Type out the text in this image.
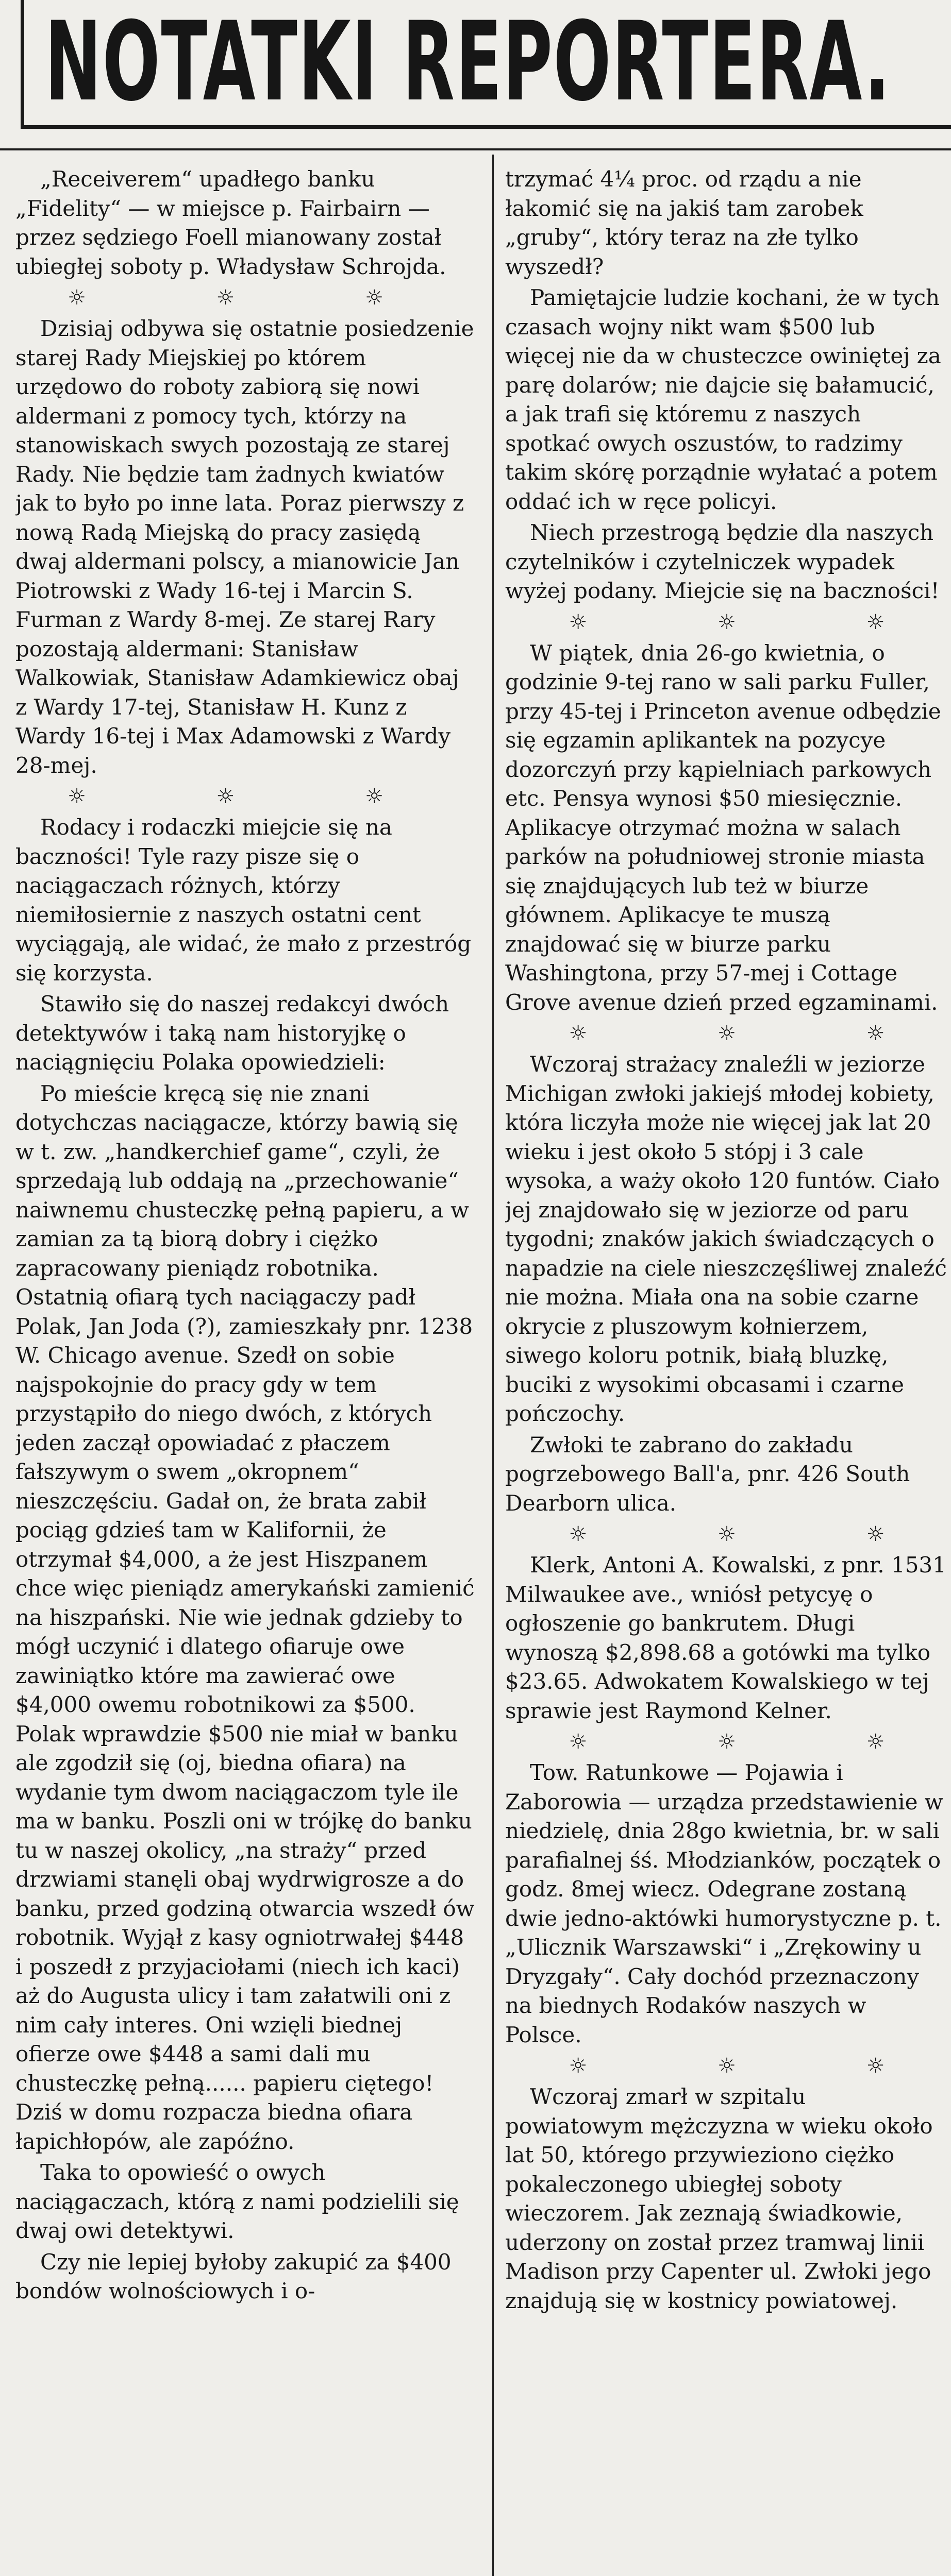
NOTATKI REPORTERA.

„Receiverem“ upadłego banku „Fidelity“ — w miejsce p. Fairbairn — przez sędziego Foell mianowany został ubiegłej soboty p. Władysław Schrojda.

☼ ☼ ☼

Dzisiaj odbywa się ostatnie posiedzenie starej Rady Miejskiej po którem urzędowo do roboty zabiorą się nowi aldermani z pomocy tych, którzy na stanowiskach swych pozostają ze starej Rady. Nie będzie tam żadnych kwiatów jak to było po inne lata. Poraz pierwszy z nową Radą Miejską do pracy zasiędą dwaj aldermani polscy, a mianowicie Jan Piotrowski z Wady 16-tej i Marcin S. Furman z Wardy 8-mej. Ze starej Rary pozostają aldermani: Stanisław Walkowiak, Stanisław Adamkiewicz obaj z Wardy 17-tej, Stanisław H. Kunz z Wardy 16-tej i Max Adamowski z Wardy 28-mej.

☼ ☼ ☼

Rodacy i rodaczki miejcie się na baczności! Tyle razy pisze się o naciągaczach różnych, którzy niemiłosiernie z naszych ostatni cent wyciągają, ale widać, że mało z przestróg się korzysta.

Stawiło się do naszej redakcyi dwóch detektywów i taką nam historyjkę o naciągnięciu Polaka opowiedzieli:

Po mieście kręcą się nie znani dotychczas naciągacze, którzy bawią się w t. zw. „handkerchief game“, czyli, że sprzedają lub oddają na „przechowanie“ naiwnemu chusteczkę pełną papieru, a w zamian za tą biorą dobry i ciężko zapracowany pieniądz robotnika. Ostatnią ofiarą tych naciągaczy padł Polak, Jan Joda (?), zamieszkały pnr. 1238 W. Chicago avenue. Szedł on sobie najspokojnie do pracy gdy w tem przystąpiło do niego dwóch, z których jeden zaczął opowiadać z płaczem fałszywym o swem „okropnem“ nieszczęściu. Gadał on, że brata zabił pociąg gdzieś tam w Kalifornii, że otrzymał $4,000, a że jest Hiszpanem chce więc pieniądz amerykański zamienić na hiszpański. Nie wie jednak gdzieby to mógł uczynić i dlatego ofiaruje owe zawiniątko które ma zawierać owe $4,000 owemu robotnikowi za $500. Polak wprawdzie $500 nie miał w banku ale zgodził się (oj, biedna ofiara) na wydanie tym dwom naciągaczom tyle ile ma w banku. Poszli oni w trójkę do banku tu w naszej okolicy, „na straży“ przed drzwiami stanęli obaj wydrwigrosze a do banku, przed godziną otwarcia wszedł ów robotnik. Wyjął z kasy ogniotrwałej $448 i poszedł z przyjaciołami (niech ich kaci) aż do Augusta ulicy i tam załatwili oni z nim cały interes. Oni wzięli biednej ofierze owe $448 a sami dali mu chusteczkę pełną...... papieru ciętego! Dziś w domu rozpacza biedna ofiara łapichłopów, ale zapóźno.

Taka to opowieść o owych naciągaczach, którą z nami podzielili się dwaj owi detektywi.

Czy nie lepiej byłoby zakupić za $400 bondów wolnościowych i o-

trzymać 4¼ proc. od rządu a nie łakomić się na jakiś tam zarobek „gruby“, który teraz na złe tylko wyszedł?

Pamiętajcie ludzie kochani, że w tych czasach wojny nikt wam $500 lub więcej nie da w chusteczce owiniętej za parę dolarów; nie dajcie się bałamucić, a jak trafi się któremu z naszych spotkać owych oszustów, to radzimy takim skórę porządnie wyłatać a potem oddać ich w ręce policyi.

Niech przestrogą będzie dla naszych czytelników i czytelniczek wypadek wyżej podany. Miejcie się na baczności!

☼ ☼ ☼

W piątek, dnia 26-go kwietnia, o godzinie 9-tej rano w sali parku Fuller, przy 45-tej i Princeton avenue odbędzie się egzamin aplikantek na pozycye dozorczyń przy kąpielniach parkowych etc. Pensya wynosi $50 miesięcznie. Aplikacye otrzymać można w salach parków na południowej stronie miasta się znajdujących lub też w biurze głównem. Aplikacye te muszą znajdować się w biurze parku Washingtona, przy 57-mej i Cottage Grove avenue dzień przed egzaminami.

☼ ☼ ☼

Wczoraj strażacy znaleźli w jeziorze Michigan zwłoki jakiejś młodej kobiety, która liczyła może nie więcej jak lat 20 wieku i jest około 5 stópj i 3 cale wysoka, a waży około 120 funtów. Ciało jej znajdowało się w jeziorze od paru tygodni; znaków jakich świadczących o napadzie na ciele nieszczęśliwej znaleźć nie można. Miała ona na sobie czarne okrycie z pluszowym kołnierzem, siwego koloru potnik, białą bluzkę, buciki z wysokimi obcasami i czarne pończochy.

Zwłoki te zabrano do zakładu pogrzebowego Ball'a, pnr. 426 South Dearborn ulica.

☼ ☼ ☼

Klerk, Antoni A. Kowalski, z pnr. 1531 Milwaukee ave., wniósł petycyę o ogłoszenie go bankrutem. Długi wynoszą $2,898.68 a gotówki ma tylko $23.65. Adwokatem Kowalskiego w tej sprawie jest Raymond Kelner.

☼ ☼ ☼

Tow. Ratunkowe — Pojawia i Zaborowia — urządza przedstawienie w niedzielę, dnia 28go kwietnia, br. w sali parafialnej śś. Młodzianków, początek o godz. 8mej wiecz. Odegrane zostaną dwie jedno-aktówki humorystyczne p. t. „Ulicznik Warszawski“ i „Zrękowiny u Dryzgały“. Cały dochód przeznaczony na biednych Rodaków naszych w Polsce.

☼ ☼ ☼

Wczoraj zmarł w szpitalu powiatowym mężczyzna w wieku około lat 50, którego przywieziono ciężko pokaleczonego ubiegłej soboty wieczorem. Jak zeznają świadkowie, uderzony on został przez tramwaj linii Madison przy Capenter ul. Zwłoki jego znajdują się w kostnicy powiatowej.
